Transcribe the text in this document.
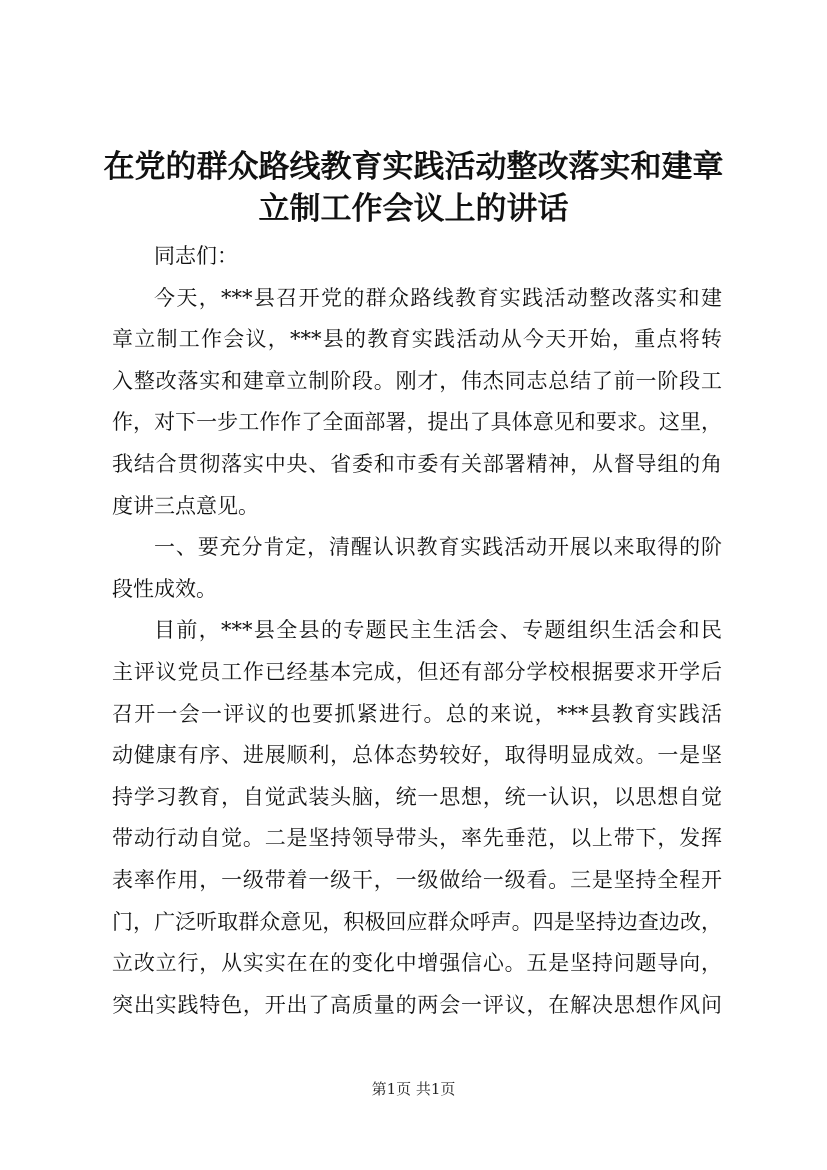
在党的群众路线教育实践活动整改落实和建章
立制工作会议上的讲话
同志们：
今天，***县召开党的群众路线教育实践活动整改落实和建
章立制工作会议，***县的教育实践活动从今天开始，重点将转
入整改落实和建章立制阶段。刚才，伟杰同志总结了前一阶段工
作，对下一步工作作了全面部署，提出了具体意见和要求。这里，
我结合贯彻落实中央、省委和市委有关部署精神，从督导组的角
度讲三点意见。
一、要充分肯定，清醒认识教育实践活动开展以来取得的阶
段性成效。
目前，***县全县的专题民主生活会、专题组织生活会和民
主评议党员工作已经基本完成，但还有部分学校根据要求开学后
召开一会一评议的也要抓紧进行。总的来说，***县教育实践活
动健康有序、进展顺利，总体态势较好，取得明显成效。一是坚
持学习教育，自觉武装头脑，统一思想，统一认识，以思想自觉
带动行动自觉。二是坚持领导带头，率先垂范，以上带下，发挥
表率作用，一级带着一级干，一级做给一级看。三是坚持全程开
门，广泛听取群众意见，积极回应群众呼声。四是坚持边查边改，
立改立行，从实实在在的变化中增强信心。五是坚持问题导向，
突出实践特色，开出了高质量的两会一评议，在解决思想作风问
第1页 共1页
